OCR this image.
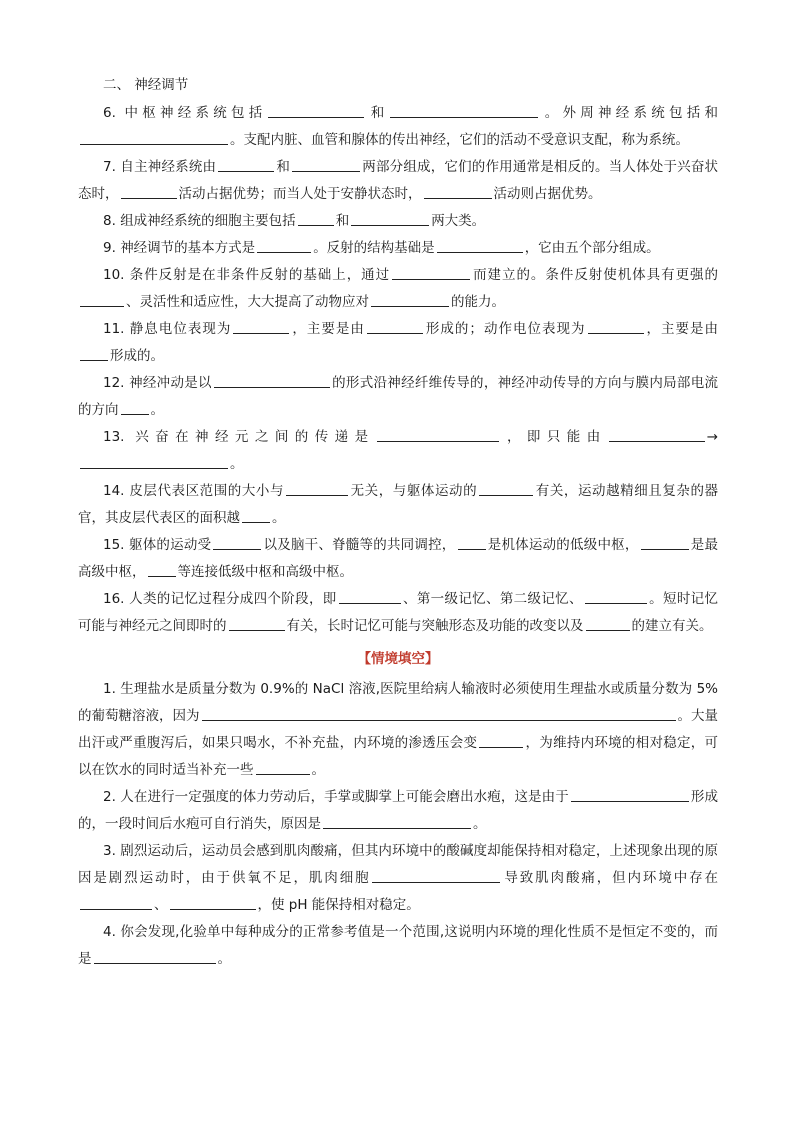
二、 神经调节

6. 中枢神经系统包括	和	。外周神经系统包括和。支配内脏、血管和腺体的传出神经，它们的活动不受意识支配，称为系统。

7. 自主神经系统由	和	两部分组成，它们的作用通常是相反的。当人体处于兴奋状态时，	活动占据优势；而当人处于安静状态时，	活动则占据优势。

8. 组成神经系统的细胞主要包括	和	两大类。

9. 神经调节的基本方式是	。反射的结构基础是	，它由五个部分组成。

10. 条件反射是在非条件反射的基础上，通过	而建立的。条件反射使机体具有更强的、灵活性和适应性，大大提高了动物应对	的能力。

11. 静息电位表现为	，主要是由	形成的；动作电位表现为	，主要是由形成的。

12. 神经冲动是以	的形式沿神经纤维传导的，神经冲动传导的方向与膜内局部电流的方向 。

13. 兴奋在神经元之间的传递是	，即只能由	→。

14. 皮层代表区范围的大小与	无关，与躯体运动的	有关，运动越精细且复杂的器官，其皮层代表区的面积越 。

15. 躯体的运动受	以及脑干、脊髓等的共同调控， 是机体运动的低级中枢，	是最高级中枢， 等连接低级中枢和高级中枢。

16. 人类的记忆过程分成四个阶段，即	、第一级记忆、第二级记忆、	。短时记忆可能与神经元之间即时的	有关，长时记忆可能与突触形态及功能的改变以及	的建立有关。

【情境填空】

1. 生理盐水是质量分数为 0.9%的 NaCl 溶液,医院里给病人输液时必须使用生理盐水或质量分数为 5%的葡萄糖溶液，因为	。大量出汗或严重腹泻后，如果只喝水，不补充盐，内环境的渗透压会变	，为维持内环境的相对稳定，可以在饮水的同时适当补充一些	。

2. 人在进行一定强度的体力劳动后，手掌或脚掌上可能会磨出水疱，这是由于	形成的，一段时间后水疱可自行消失，原因是	。

3. 剧烈运动后，运动员会感到肌肉酸痛，但其内环境中的酸碱度却能保持相对稳定，上述现象出现的原因是剧烈运动时，由于供氧不足，肌肉细胞	导致肌肉酸痛，但内环境中存在、	，使 pH 能保持相对稳定。

4. 你会发现,化验单中每种成分的正常参考值是一个范围,这说明内环境的理化性质不是恒定不变的，而是	。
